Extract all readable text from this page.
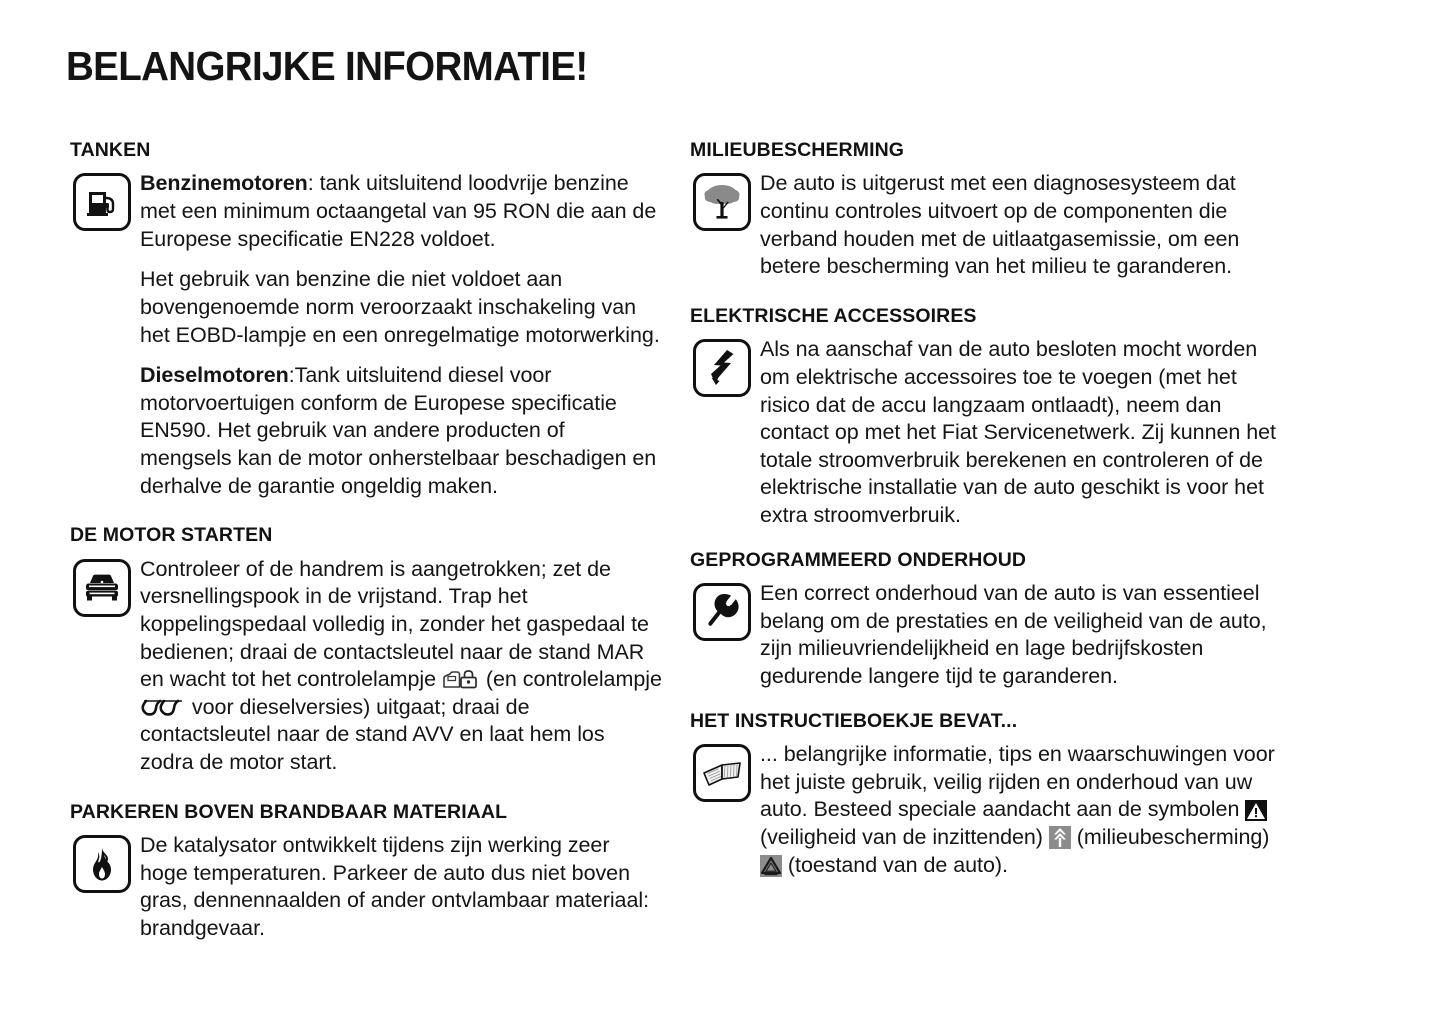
BELANGRIJKE INFORMATIE!
TANKEN

Benzinemotoren: tank uitsluitend loodvrije benzine met een minimum octaangetal van 95 RON die aan de Europese specificatie EN228 voldoet.

Het gebruik van benzine die niet voldoet aan bovengenoemde norm veroorzaakt inschakeling van het EOBD-lampje en een onregelmatige motorwerking.

Dieselmotoren:Tank uitsluitend diesel voor motorvoertuigen conform de Europese specificatie EN590. Het gebruik van andere producten of mengsels kan de motor onherstelbaar beschadigen en derhalve de garantie ongeldig maken.

DE MOTOR STARTEN

Controleer of de handrem is aangetrokken; zet de versnellingspook in de vrijstand. Trap het koppelingspedaal volledig in, zonder het gaspedaal te bedienen; draai de contactsleutel naar de stand MAR en wacht tot het controlelampje  (en controlelampje  voor dieselversies) uitgaat; draai de contactsleutel naar de stand AVV en laat hem los zodra de motor start.

PARKEREN BOVEN BRANDBAAR MATERIAAL

De katalysator ontwikkelt tijdens zijn werking zeer hoge temperaturen. Parkeer de auto dus niet boven gras, dennennaalden of ander ontvlambaar materiaal: brandgevaar.

MILIEUBESCHERMING

De auto is uitgerust met een diagnosesysteem dat continu controles uitvoert op de componenten die verband houden met de uitlaatgasemissie, om een betere bescherming van het milieu te garanderen.

ELEKTRISCHE ACCESSOIRES

Als na aanschaf van de auto besloten mocht worden om elektrische accessoires toe te voegen (met het risico dat de accu langzaam ontlaadt), neem dan contact op met het Fiat Servicenetwerk. Zij kunnen het totale stroomverbruik berekenen en controleren of de elektrische installatie van de auto geschikt is voor het extra stroomverbruik.

GEPROGRAMMEERD ONDERHOUD

Een correct onderhoud van de auto is van essentieel belang om de prestaties en de veiligheid van de auto, zijn milieuvriendelijkheid en lage bedrijfskosten gedurende langere tijd te garanderen.

HET INSTRUCTIEBOEKJE BEVAT...

... belangrijke informatie, tips en waarschuwingen voor het juiste gebruik, veilig rijden en onderhoud van uw auto. Besteed speciale aandacht aan de symbolen  (veiligheid van de inzittenden)  (milieubescherming)  (toestand van de auto).
